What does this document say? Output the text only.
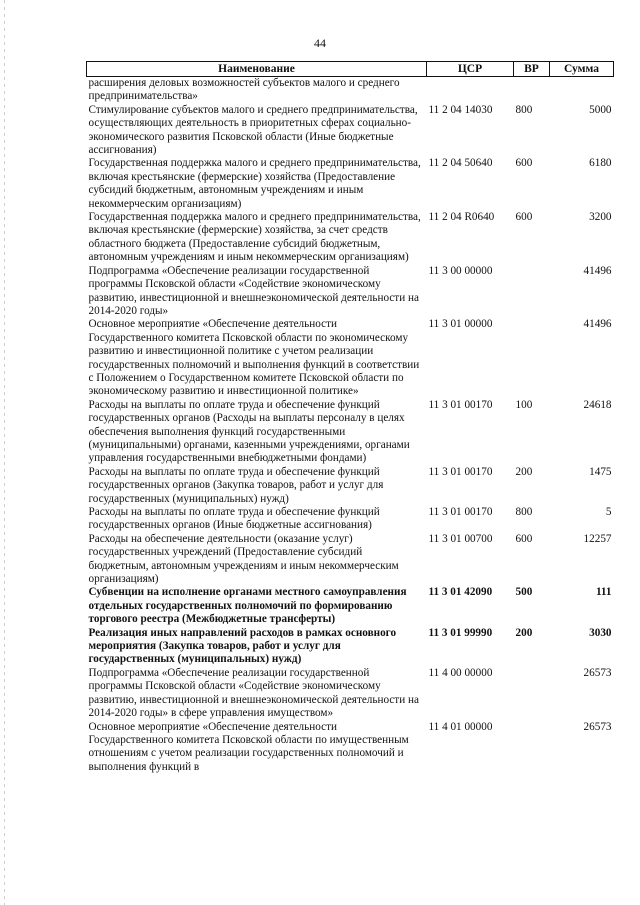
44
Наименование	ЦСР	ВР	Сумма
расширения деловых возможностей субъектов малого и среднего предпринимательства»			
Стимулирование субъектов малого и среднего предпринимательства, осуществляющих деятельность в приоритетных сферах социально-экономического развития Псковской области (Иные бюджетные ассигнования)	11 2 04 14030	800	5000
Государственная поддержка малого и среднего предпринимательства, включая крестьянские (фермерские) хозяйства (Предоставление субсидий бюджетным, автономным учреждениям и иным некоммерческим организациям)	11 2 04 50640	600	6180
Государственная поддержка малого и среднего предпринимательства, включая крестьянские (фермерские) хозяйства, за счет средств областного бюджета (Предоставление субсидий бюджетным, автономным учреждениям и иным некоммерческим организациям)	11 2 04 R0640	600	3200
Подпрограмма «Обеспечение реализации государственной программы Псковской области «Содействие экономическому развитию, инвестиционной и внешнеэкономической деятельности на 2014-2020 годы»	11 3 00 00000		41496
Основное мероприятие «Обеспечение деятельности Государственного комитета Псковской области по экономическому развитию и инвестиционной политике с учетом реализации государственных полномочий и выполнения функций в соответствии с Положением о Государственном комитете Псковской области по экономическому развитию и инвестиционной политике»	11 3 01 00000		41496
Расходы на выплаты по оплате труда и обеспечение функций государственных органов (Расходы на выплаты персоналу в целях обеспечения выполнения функций государственными (муниципальными) органами, казенными учреждениями, органами управления государственными внебюджетными фондами)	11 3 01 00170	100	24618
Расходы на выплаты по оплате труда и обеспечение функций государственных органов (Закупка товаров, работ и услуг для государственных (муниципальных) нужд)	11 3 01 00170	200	1475
Расходы на выплаты по оплате труда и обеспечение функций государственных органов (Иные бюджетные ассигнования)	11 3 01 00170	800	5
Расходы на обеспечение деятельности (оказание услуг) государственных учреждений (Предоставление субсидий бюджетным, автономным учреждениям и иным некоммерческим организациям)	11 3 01 00700	600	12257
Субвенции на исполнение органами местного самоуправления отдельных государственных полномочий по формированию торгового реестра (Межбюджетные трансферты)	11 3 01 42090	500	111
Реализация иных направлений расходов в рамках основного мероприятия (Закупка товаров, работ и услуг для государственных (муниципальных) нужд)	11 3 01 99990	200	3030
Подпрограмма «Обеспечение реализации государственной программы Псковской области «Содействие экономическому развитию, инвестиционной и внешнеэкономической деятельности на 2014-2020 годы» в сфере управления имуществом»	11 4 00 00000		26573
Основное мероприятие «Обеспечение деятельности Государственного комитета Псковской области по имущественным отношениям с учетом реализации государственных полномочий и выполнения функций в	11 4 01 00000		26573
